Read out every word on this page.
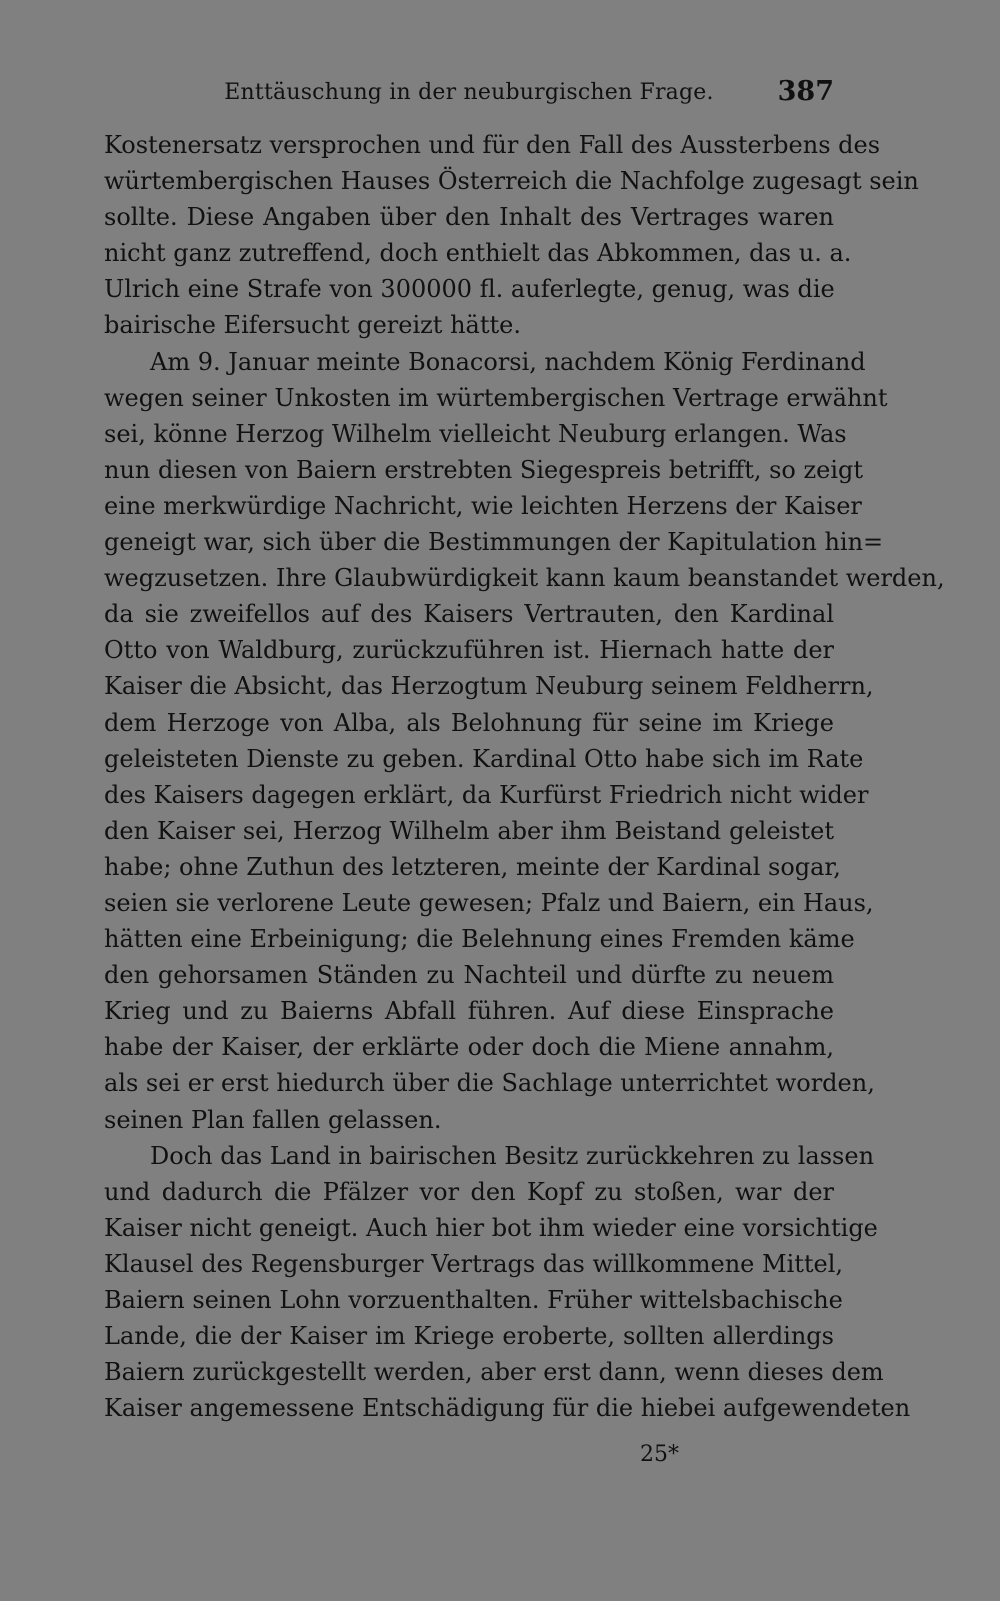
Enttäuschung in der neuburgischen Frage.	387
Kostenersatz versprochen und für den Fall des Aussterbens des
würtembergischen Hauses Österreich die Nachfolge zugesagt sein
sollte. Diese Angaben über den Inhalt des Vertrages waren
nicht ganz zutreffend, doch enthielt das Abkommen, das u. a.
Ulrich eine Strafe von 300000 fl. auferlegte, genug, was die
bairische Eifersucht gereizt hätte.
Am 9. Januar meinte Bonacorsi, nachdem König Ferdinand
wegen seiner Unkosten im würtembergischen Vertrage erwähnt
sei, könne Herzog Wilhelm vielleicht Neuburg erlangen. Was
nun diesen von Baiern erstrebten Siegespreis betrifft, so zeigt
eine merkwürdige Nachricht, wie leichten Herzens der Kaiser
geneigt war, sich über die Bestimmungen der Kapitulation hin=
wegzusetzen. Ihre Glaubwürdigkeit kann kaum beanstandet werden,
da sie zweifellos auf des Kaisers Vertrauten, den Kardinal
Otto von Waldburg, zurückzuführen ist. Hiernach hatte der
Kaiser die Absicht, das Herzogtum Neuburg seinem Feldherrn,
dem Herzoge von Alba, als Belohnung für seine im Kriege
geleisteten Dienste zu geben. Kardinal Otto habe sich im Rate
des Kaisers dagegen erklärt, da Kurfürst Friedrich nicht wider
den Kaiser sei, Herzog Wilhelm aber ihm Beistand geleistet
habe; ohne Zuthun des letzteren, meinte der Kardinal sogar,
seien sie verlorene Leute gewesen; Pfalz und Baiern, ein Haus,
hätten eine Erbeinigung; die Belehnung eines Fremden käme
den gehorsamen Ständen zu Nachteil und dürfte zu neuem
Krieg und zu Baierns Abfall führen. Auf diese Einsprache
habe der Kaiser, der erklärte oder doch die Miene annahm,
als sei er erst hiedurch über die Sachlage unterrichtet worden,
seinen Plan fallen gelassen.
Doch das Land in bairischen Besitz zurückkehren zu lassen
und dadurch die Pfälzer vor den Kopf zu stoßen, war der
Kaiser nicht geneigt. Auch hier bot ihm wieder eine vorsichtige
Klausel des Regensburger Vertrags das willkommene Mittel,
Baiern seinen Lohn vorzuenthalten. Früher wittelsbachische
Lande, die der Kaiser im Kriege eroberte, sollten allerdings
Baiern zurückgestellt werden, aber erst dann, wenn dieses dem
Kaiser angemessene Entschädigung für die hiebei aufgewendeten
25*
